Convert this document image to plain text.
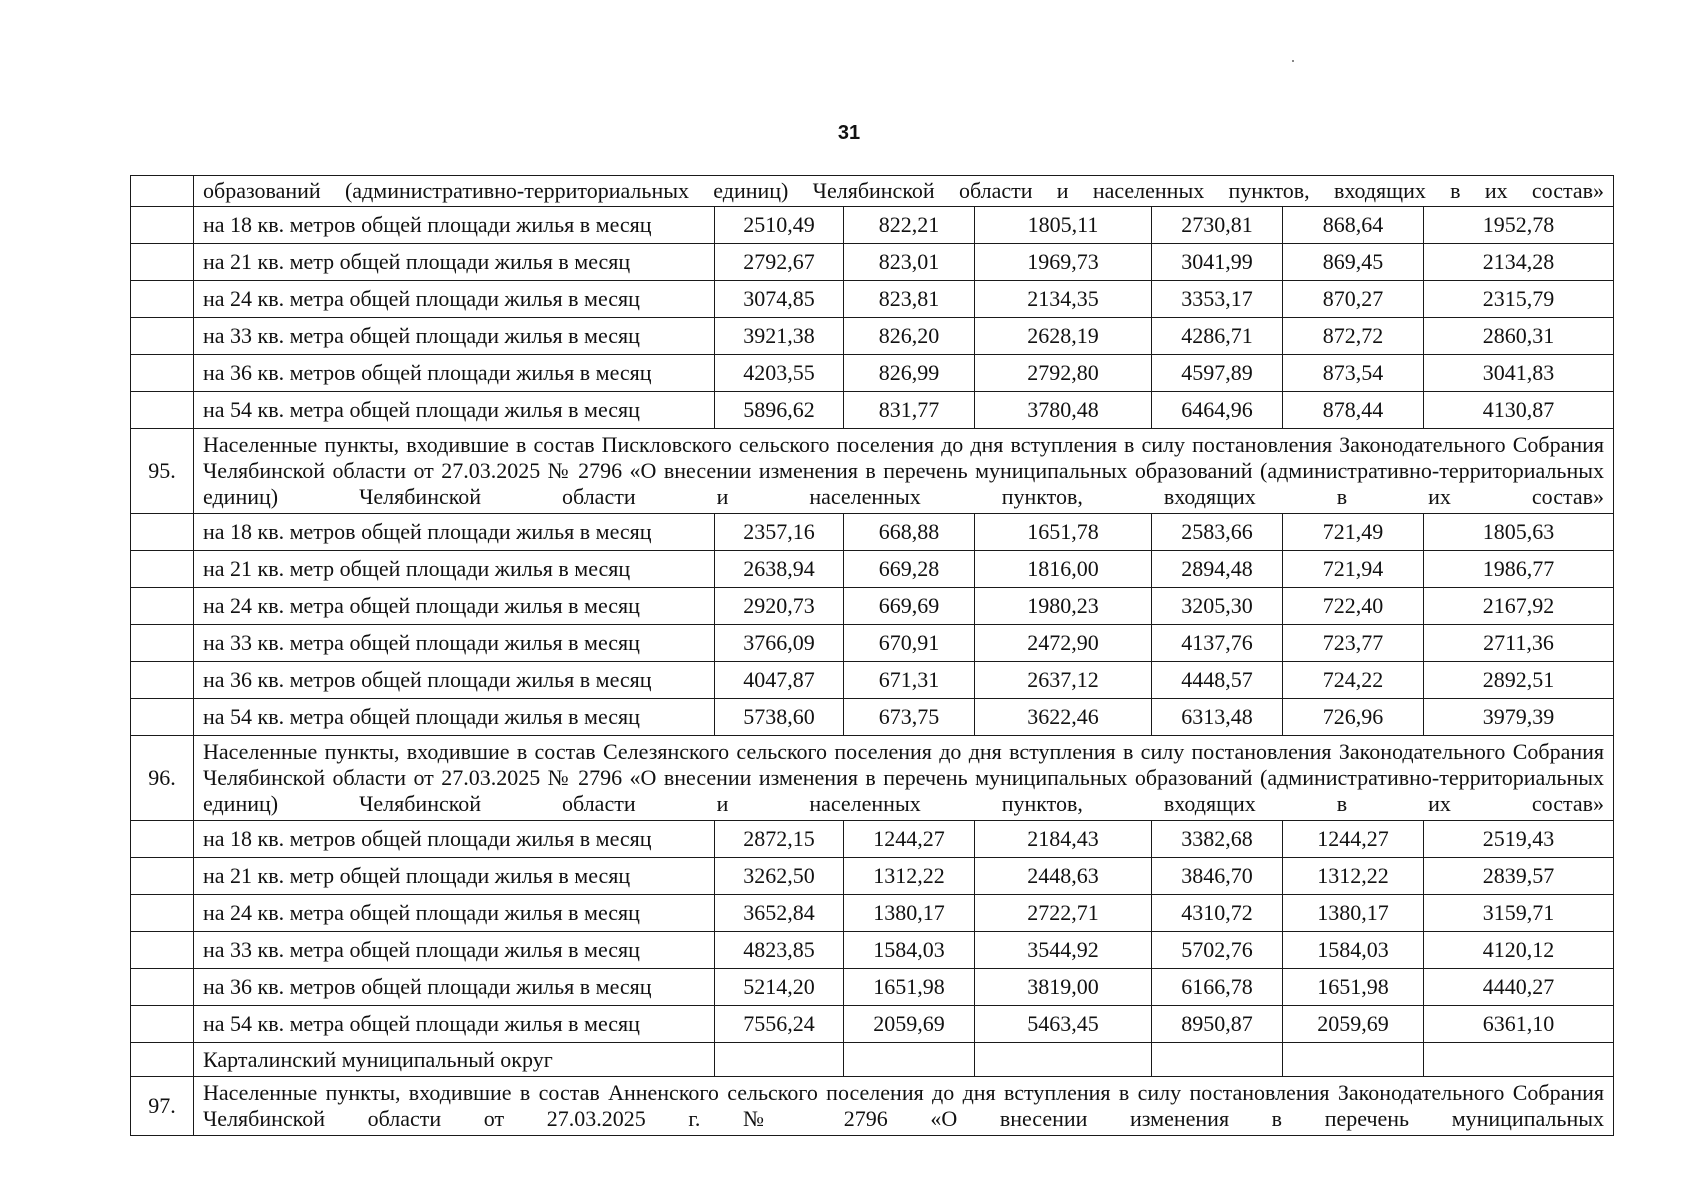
31
	образований (административно-территориальных единиц) Челябинской области и населенных пунктов, входящих в их состав»						
	на 18 кв. метров общей площади жилья в месяц	2510,49	822,21	1805,11	2730,81	868,64	1952,78
	на 21 кв. метр общей площади жилья в месяц	2792,67	823,01	1969,73	3041,99	869,45	2134,28
	на 24 кв. метра общей площади жилья в месяц	3074,85	823,81	2134,35	3353,17	870,27	2315,79
	на 33 кв. метра общей площади жилья в месяц	3921,38	826,20	2628,19	4286,71	872,72	2860,31
	на 36 кв. метров общей площади жилья в месяц	4203,55	826,99	2792,80	4597,89	873,54	3041,83
	на 54 кв. метра общей площади жилья в месяц	5896,62	831,77	3780,48	6464,96	878,44	4130,87
95.	Населенные пункты, входившие в состав Пискловского сельского поселения до дня вступления в силу постановления Законодательного Собрания Челябинской области от 27.03.2025 № 2796 «О внесении изменения в перечень муниципальных образований (административно-территориальных единиц) Челябинской области и населенных пунктов, входящих в их состав»						
	на 18 кв. метров общей площади жилья в месяц	2357,16	668,88	1651,78	2583,66	721,49	1805,63
	на 21 кв. метр общей площади жилья в месяц	2638,94	669,28	1816,00	2894,48	721,94	1986,77
	на 24 кв. метра общей площади жилья в месяц	2920,73	669,69	1980,23	3205,30	722,40	2167,92
	на 33 кв. метра общей площади жилья в месяц	3766,09	670,91	2472,90	4137,76	723,77	2711,36
	на 36 кв. метров общей площади жилья в месяц	4047,87	671,31	2637,12	4448,57	724,22	2892,51
	на 54 кв. метра общей площади жилья в месяц	5738,60	673,75	3622,46	6313,48	726,96	3979,39
96.	Населенные пункты, входившие в состав Селезянского сельского поселения до дня вступления в силу постановления Законодательного Собрания Челябинской области от 27.03.2025 № 2796 «О внесении изменения в перечень муниципальных образований (административно-территориальных единиц) Челябинской области и населенных пунктов, входящих в их состав»						
	на 18 кв. метров общей площади жилья в месяц	2872,15	1244,27	2184,43	3382,68	1244,27	2519,43
	на 21 кв. метр общей площади жилья в месяц	3262,50	1312,22	2448,63	3846,70	1312,22	2839,57
	на 24 кв. метра общей площади жилья в месяц	3652,84	1380,17	2722,71	4310,72	1380,17	3159,71
	на 33 кв. метра общей площади жилья в месяц	4823,85	1584,03	3544,92	5702,76	1584,03	4120,12
	на 36 кв. метров общей площади жилья в месяц	5214,20	1651,98	3819,00	6166,78	1651,98	4440,27
	на 54 кв. метра общей площади жилья в месяц	7556,24	2059,69	5463,45	8950,87	2059,69	6361,10
	Карталинский муниципальный округ						
97.	Населенные пункты, входившие в состав Анненского сельского поселения до дня вступления в силу постановления Законодательного Собрания Челябинской области от 27.03.2025 г. № 2796 «О внесении изменения в перечень муниципальных						
